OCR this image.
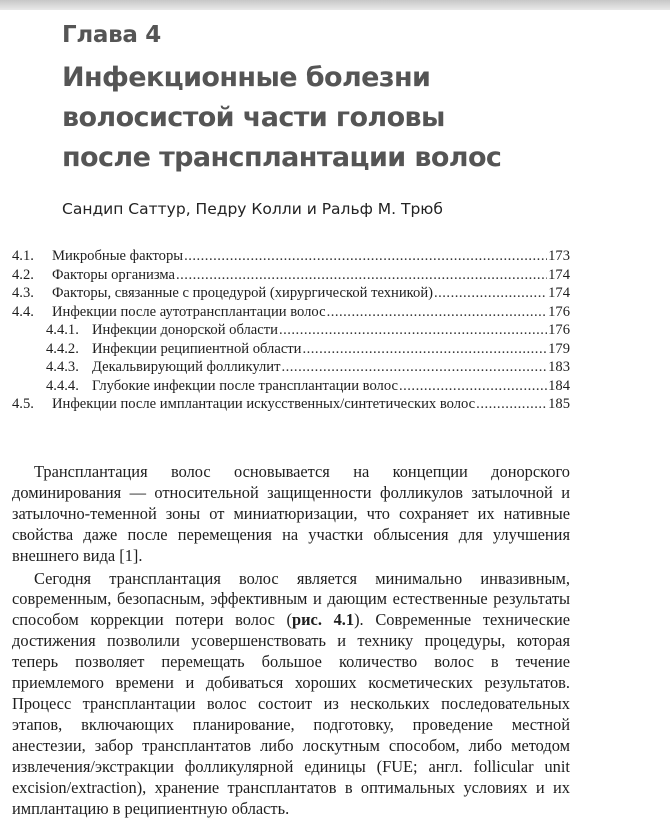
Глава 4
Инфекционные болезни
волосистой части головы
после трансплантации волос
Сандип Саттур, Педру Колли и Ральф М. Трюб
4.1.	Микробные факторы .....	173
4.2.	Факторы организма .....	174
4.3.	Факторы, связанные с процедурой (хирургической техникой) .....	174
4.4.	Инфекции после аутотрансплантации волос .....	176
4.4.1. Инфекции донорской области .....	176
4.4.2. Инфекции реципиентной области .....	179
4.4.3. Декальвирующий фолликулит .....	183
4.4.4. Глубокие инфекции после трансплантации волос .....	184
4.5.	Инфекции после имплантации искусственных/синтетических волос .....	185

Трансплантация волос основывается на концепции донорского доминирования — относительной защищенности фолликулов затылочной и затылочно-теменной зоны от миниатюризации, что сохраняет их нативные свойства даже после перемещения на участки облысения для улучшения внешнего вида [1].

Сегодня трансплантация волос является минимально инвазивным, современным, безопасным, эффективным и дающим естественные результаты способом коррекции потери волос (рис. 4.1). Современные технические достижения позволили усовершенствовать и технику процедуры, которая теперь позволяет перемещать большое количество волос в течение приемлемого времени и добиваться хороших косметических результатов. Процесс трансплантации волос состоит из нескольких последовательных этапов, включающих планирование, подготовку, проведение местной анестезии, забор трансплантатов либо лоскутным способом, либо методом извлечения/экстракции фолликулярной единицы (FUE; англ. follicular unit excision/extraction), хранение трансплантатов в оптимальных условиях и их имплантацию в реципиентную область.
